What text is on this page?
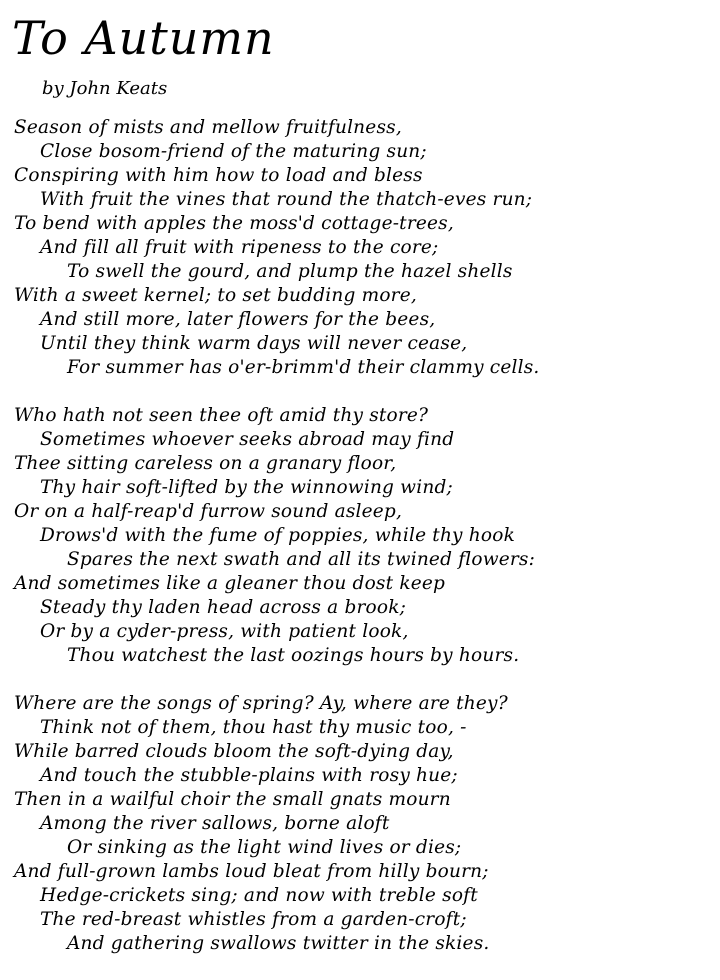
To Autumn

by John Keats

Season of mists and mellow fruitfulness,
Close bosom-friend of the maturing sun;
Conspiring with him how to load and bless
With fruit the vines that round the thatch-eves run;
To bend with apples the moss'd cottage-trees,
And fill all fruit with ripeness to the core;
To swell the gourd, and plump the hazel shells
With a sweet kernel; to set budding more,
And still more, later flowers for the bees,
Until they think warm days will never cease,
For summer has o'er-brimm'd their clammy cells.
Who hath not seen thee oft amid thy store?
Sometimes whoever seeks abroad may find
Thee sitting careless on a granary floor,
Thy hair soft-lifted by the winnowing wind;
Or on a half-reap'd furrow sound asleep,
Drows'd with the fume of poppies, while thy hook
Spares the next swath and all its twined flowers:
And sometimes like a gleaner thou dost keep
Steady thy laden head across a brook;
Or by a cyder-press, with patient look,
Thou watchest the last oozings hours by hours.
Where are the songs of spring? Ay, where are they?
Think not of them, thou hast thy music too, -
While barred clouds bloom the soft-dying day,
And touch the stubble-plains with rosy hue;
Then in a wailful choir the small gnats mourn
Among the river sallows, borne aloft
Or sinking as the light wind lives or dies;
And full-grown lambs loud bleat from hilly bourn;
Hedge-crickets sing; and now with treble soft
The red-breast whistles from a garden-croft;
And gathering swallows twitter in the skies.
